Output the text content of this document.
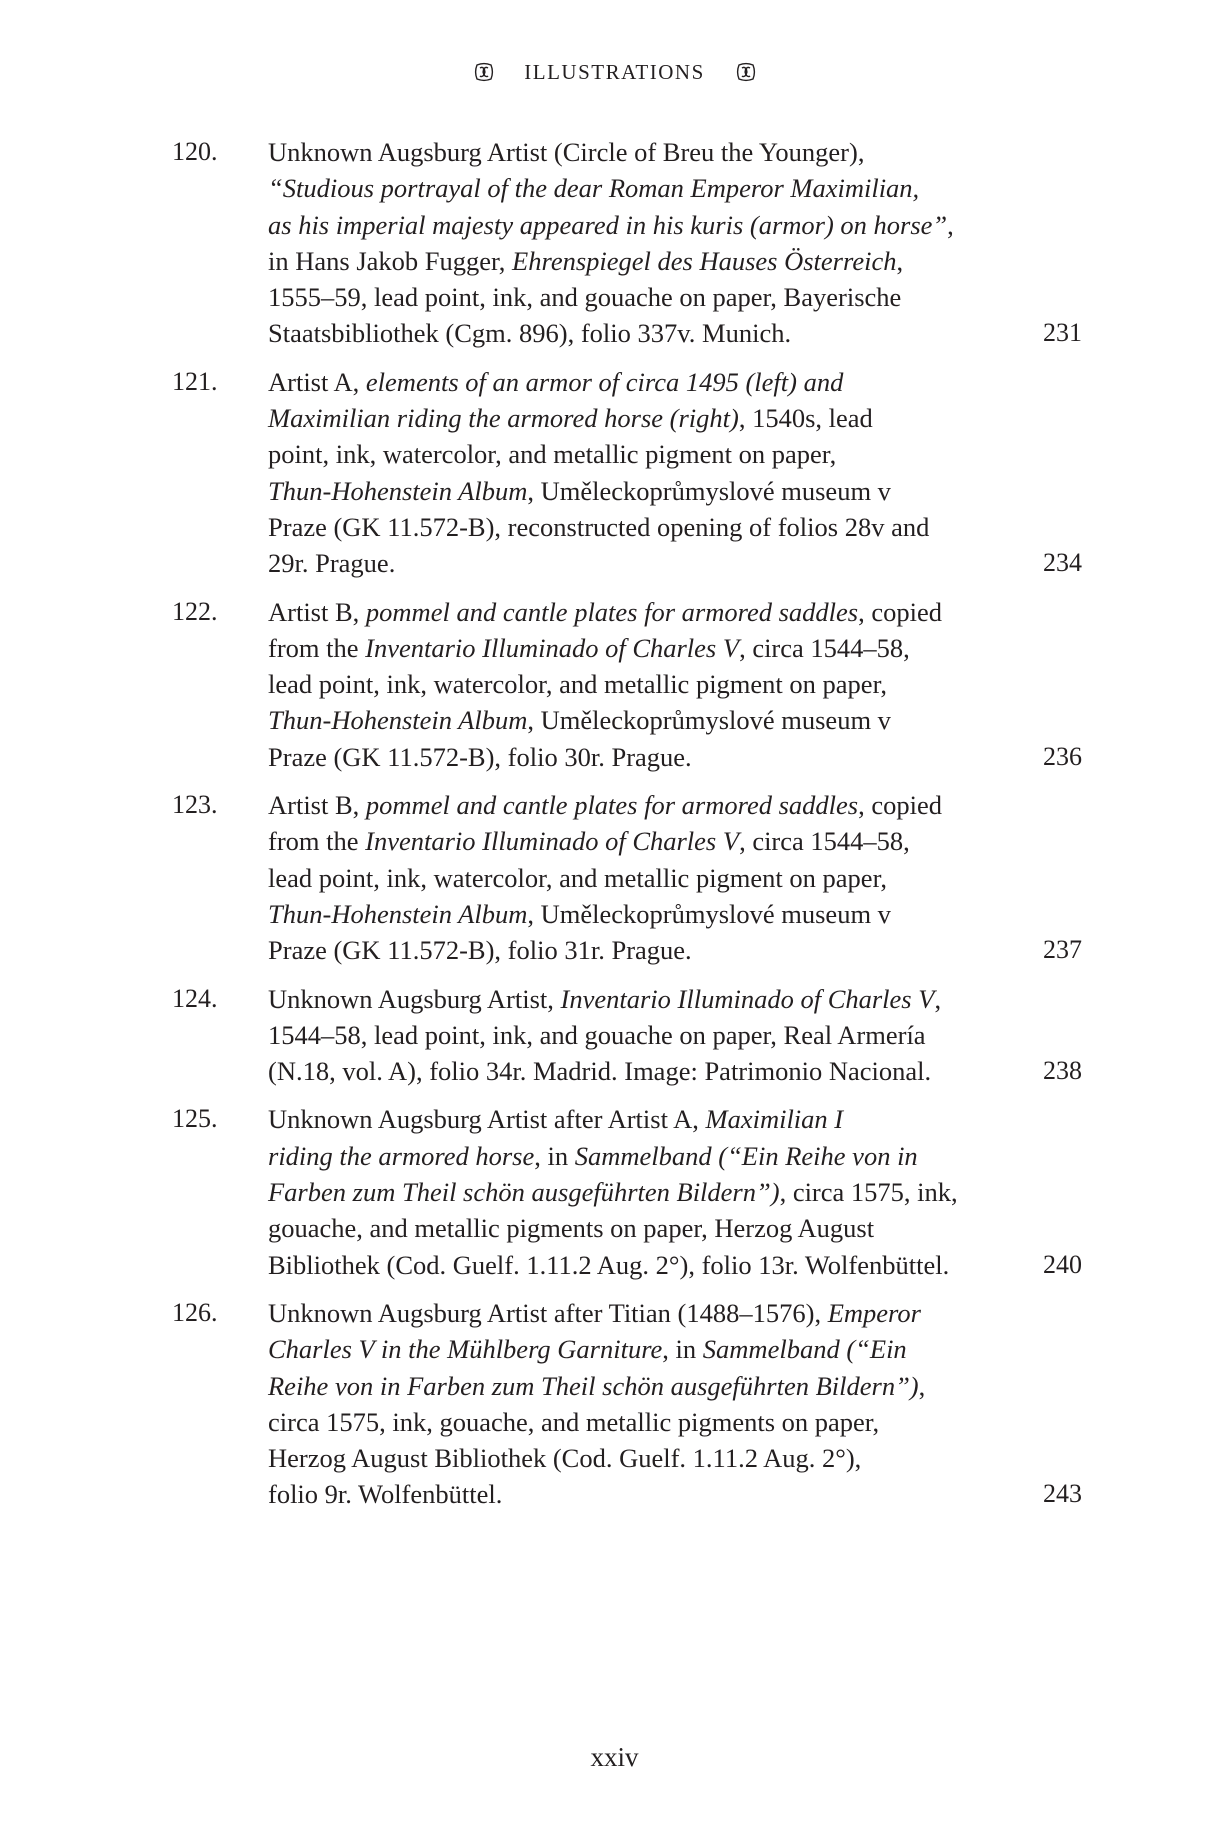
ILLUSTRATIONS
120.	Unknown Augsburg Artist (Circle of Breu the Younger),
“Studious portrayal of the dear Roman Emperor Maximilian,
as his imperial majesty appeared in his kuris (armor) on horse”,
in Hans Jakob Fugger, Ehrenspiegel des Hauses Österreich,
1555–59, lead point, ink, and gouache on paper, Bayerische
Staatsbibliothek (Cgm. 896), folio 337v. Munich.	231
121.	Artist A, elements of an armor of circa 1495 (left) and
Maximilian riding the armored horse (right), 1540s, lead
point, ink, watercolor, and metallic pigment on paper,
Thun-Hohenstein Album, Uměleckoprůmyslové museum v
Praze (GK 11.572-B), reconstructed opening of folios 28v and
29r. Prague.	234
122.	Artist B, pommel and cantle plates for armored saddles, copied
from the Inventario Illuminado of Charles V, circa 1544–58,
lead point, ink, watercolor, and metallic pigment on paper,
Thun-Hohenstein Album, Uměleckoprůmyslové museum v
Praze (GK 11.572-B), folio 30r. Prague.	236
123.	Artist B, pommel and cantle plates for armored saddles, copied
from the Inventario Illuminado of Charles V, circa 1544–58,
lead point, ink, watercolor, and metallic pigment on paper,
Thun-Hohenstein Album, Uměleckoprůmyslové museum v
Praze (GK 11.572-B), folio 31r. Prague.	237
124.	Unknown Augsburg Artist, Inventario Illuminado of Charles V,
1544–58, lead point, ink, and gouache on paper, Real Armería
(N.18, vol. A), folio 34r. Madrid. Image: Patrimonio Nacional.	238
125.	Unknown Augsburg Artist after Artist A, Maximilian I
riding the armored horse, in Sammelband (“Ein Reihe von in
Farben zum Theil schön ausgeführten Bildern”), circa 1575, ink,
gouache, and metallic pigments on paper, Herzog August
Bibliothek (Cod. Guelf. 1.11.2 Aug. 2°), folio 13r. Wolfenbüttel.	240
126.	Unknown Augsburg Artist after Titian (1488–1576), Emperor
Charles V in the Mühlberg Garniture, in Sammelband (“Ein
Reihe von in Farben zum Theil schön ausgeführten Bildern”),
circa 1575, ink, gouache, and metallic pigments on paper,
Herzog August Bibliothek (Cod. Guelf. 1.11.2 Aug. 2°),
folio 9r. Wolfenbüttel.	243
xxiv
